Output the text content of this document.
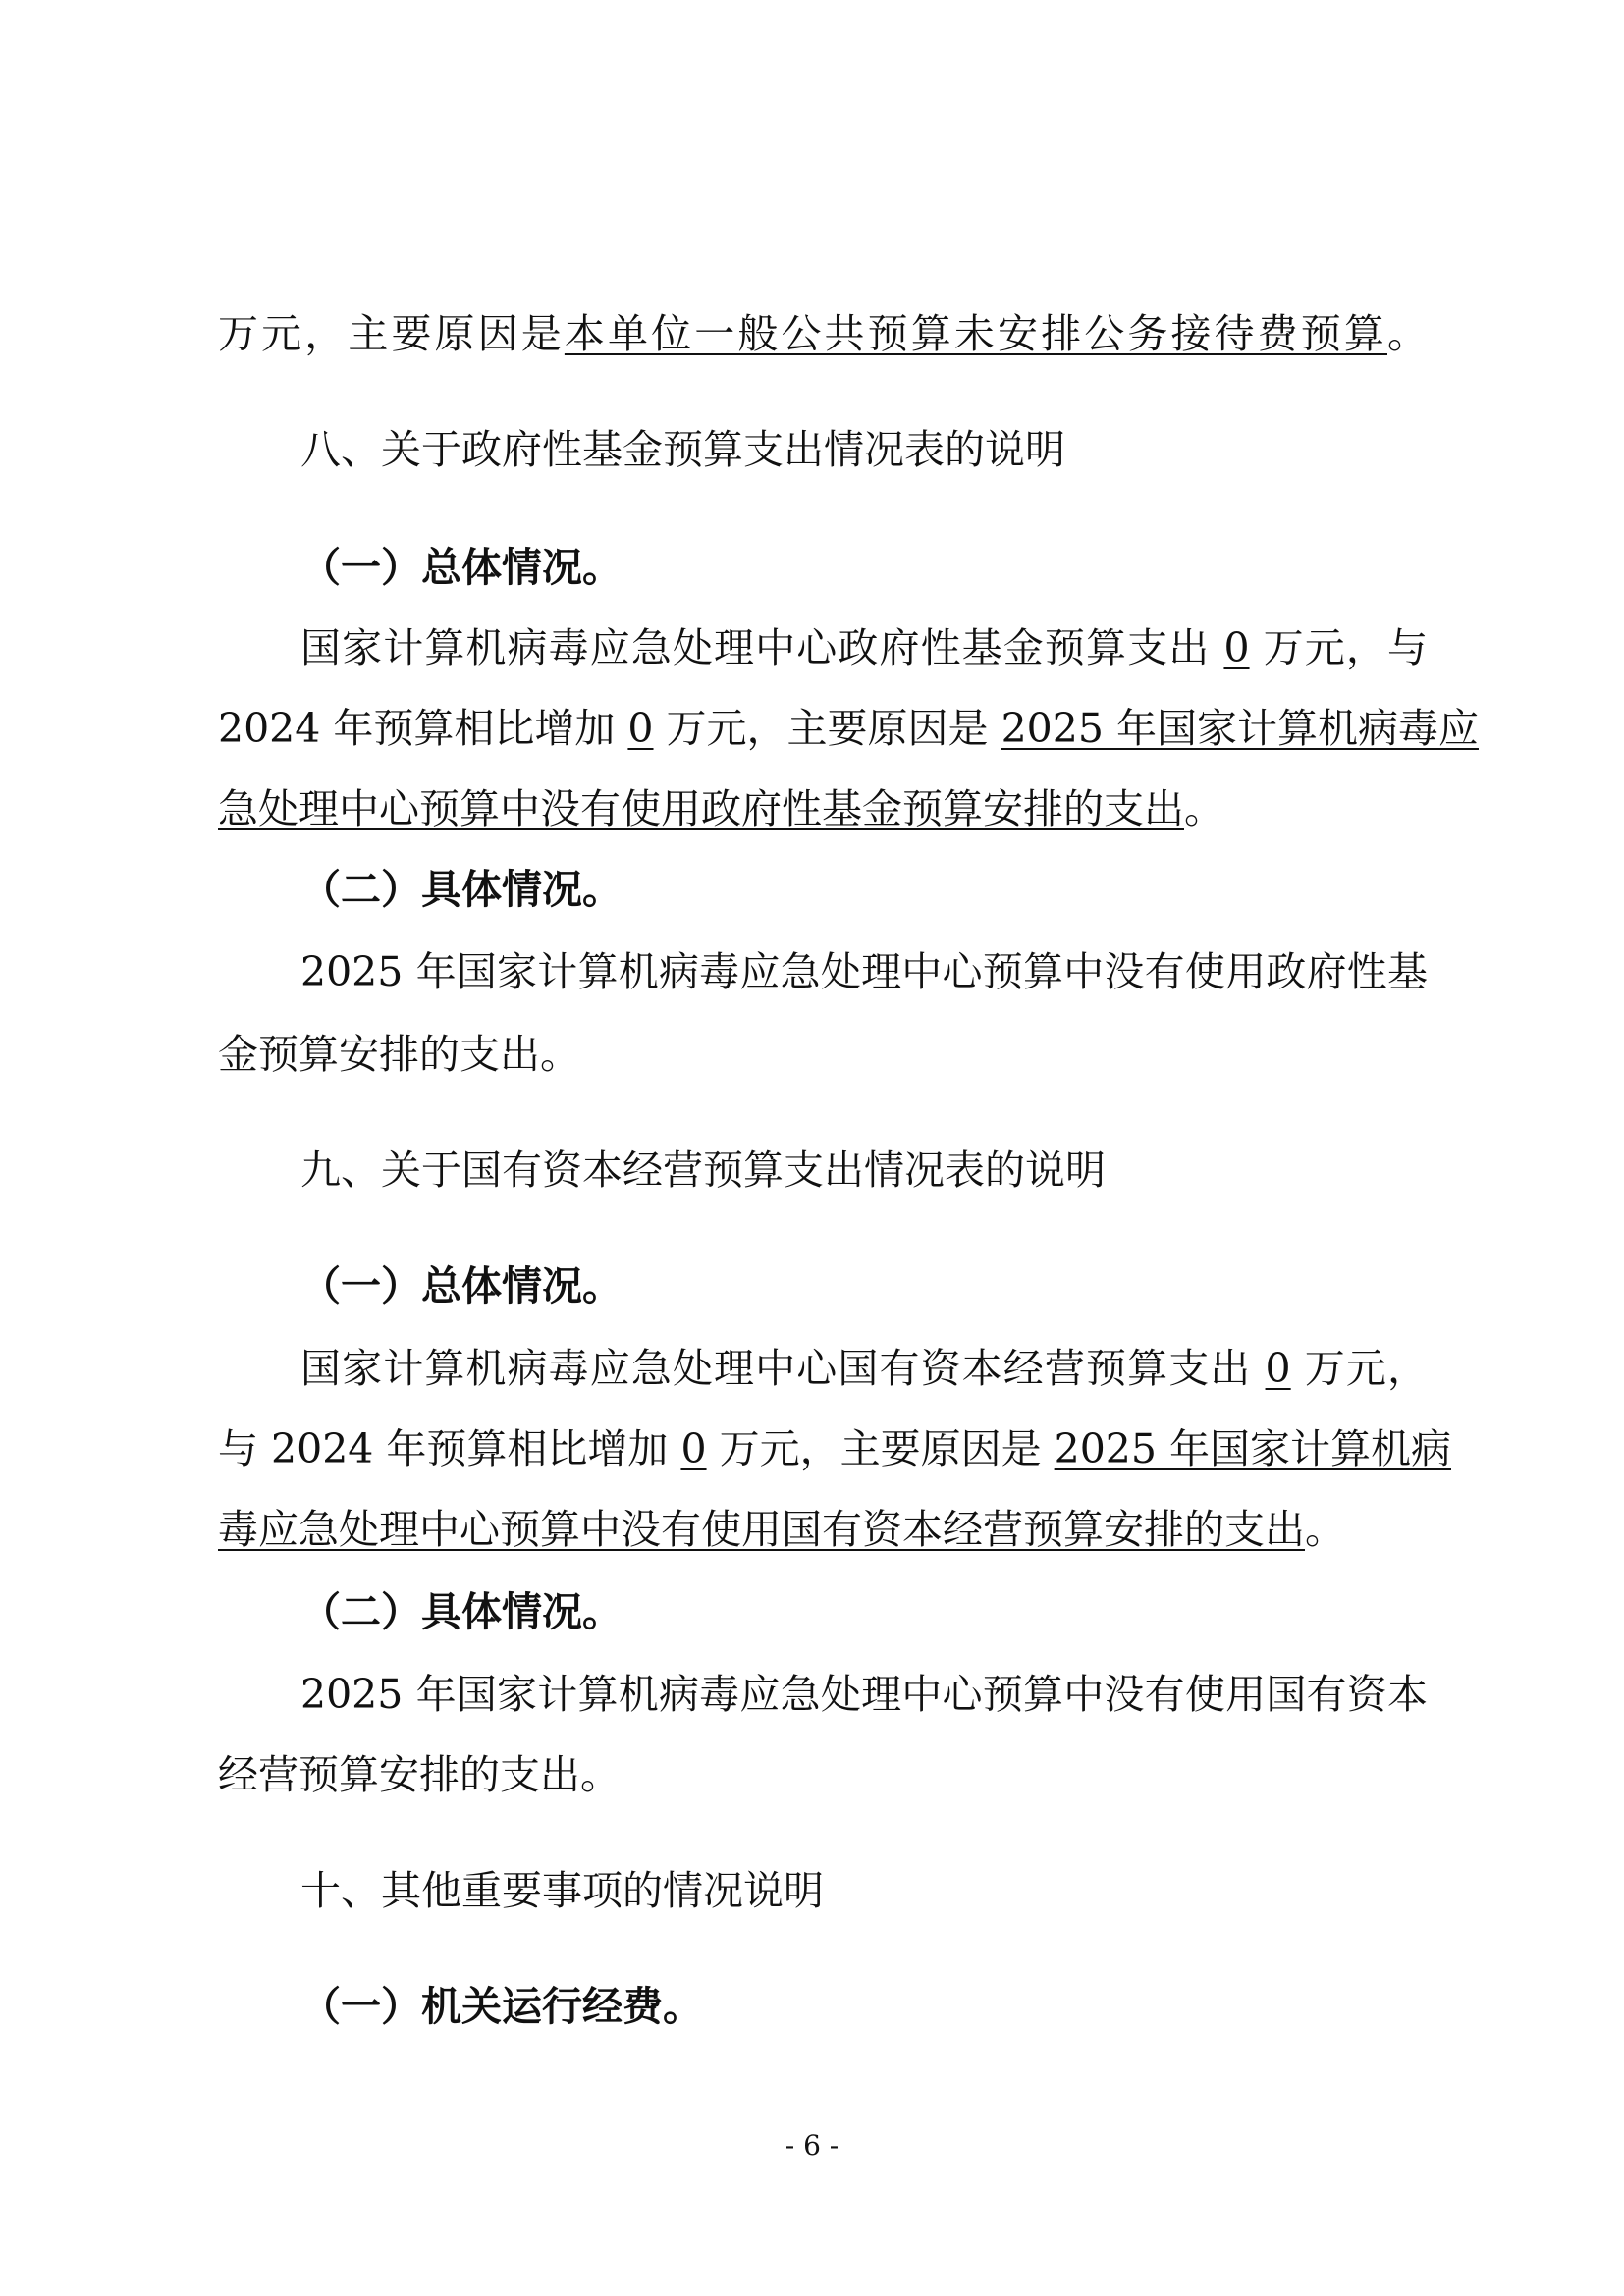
万元，主要原因是本单位一般公共预算未安排公务接待费预算。
八、关于政府性基金预算支出情况表的说明
（一）总体情况。
国家计算机病毒应急处理中心政府性基金预算支出 0 万元，与
2024 年预算相比增加 0 万元，主要原因是 2025 年国家计算机病毒应
急处理中心预算中没有使用政府性基金预算安排的支出。
（二）具体情况。
2025 年国家计算机病毒应急处理中心预算中没有使用政府性基
金预算安排的支出。
九、关于国有资本经营预算支出情况表的说明
（一）总体情况。
国家计算机病毒应急处理中心国有资本经营预算支出 0 万元，
与 2024 年预算相比增加 0 万元，主要原因是 2025 年国家计算机病
毒应急处理中心预算中没有使用国有资本经营预算安排的支出。
（二）具体情况。
2025 年国家计算机病毒应急处理中心预算中没有使用国有资本
经营预算安排的支出。
十、其他重要事项的情况说明
（一）机关运行经费。
- 6 -
